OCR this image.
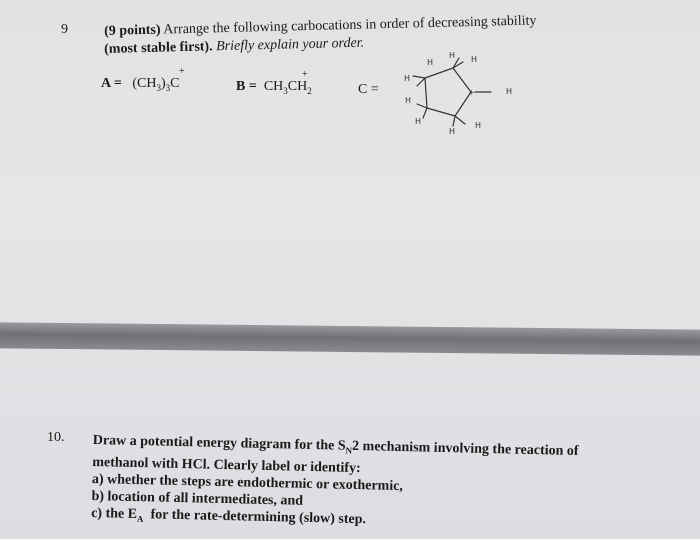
9	(9 points) Arrange the following carbocations in order of decreasing stability
(most stable first). Briefly explain your order.
$A = (CH_3)_3C$
+
$B = CH_3CH_2$
+
C =	+
H
H H
H
H
H
H
H
H
10. Draw a potential energy diagram for the $S_N2$ mechanism involving the reaction of
methanol with HCl. Clearly label or identify:
a) whether the steps are endothermic or exothermic,
b) location of all intermediates, and
c) the $E_A$ for the rate-determining (slow) step.
